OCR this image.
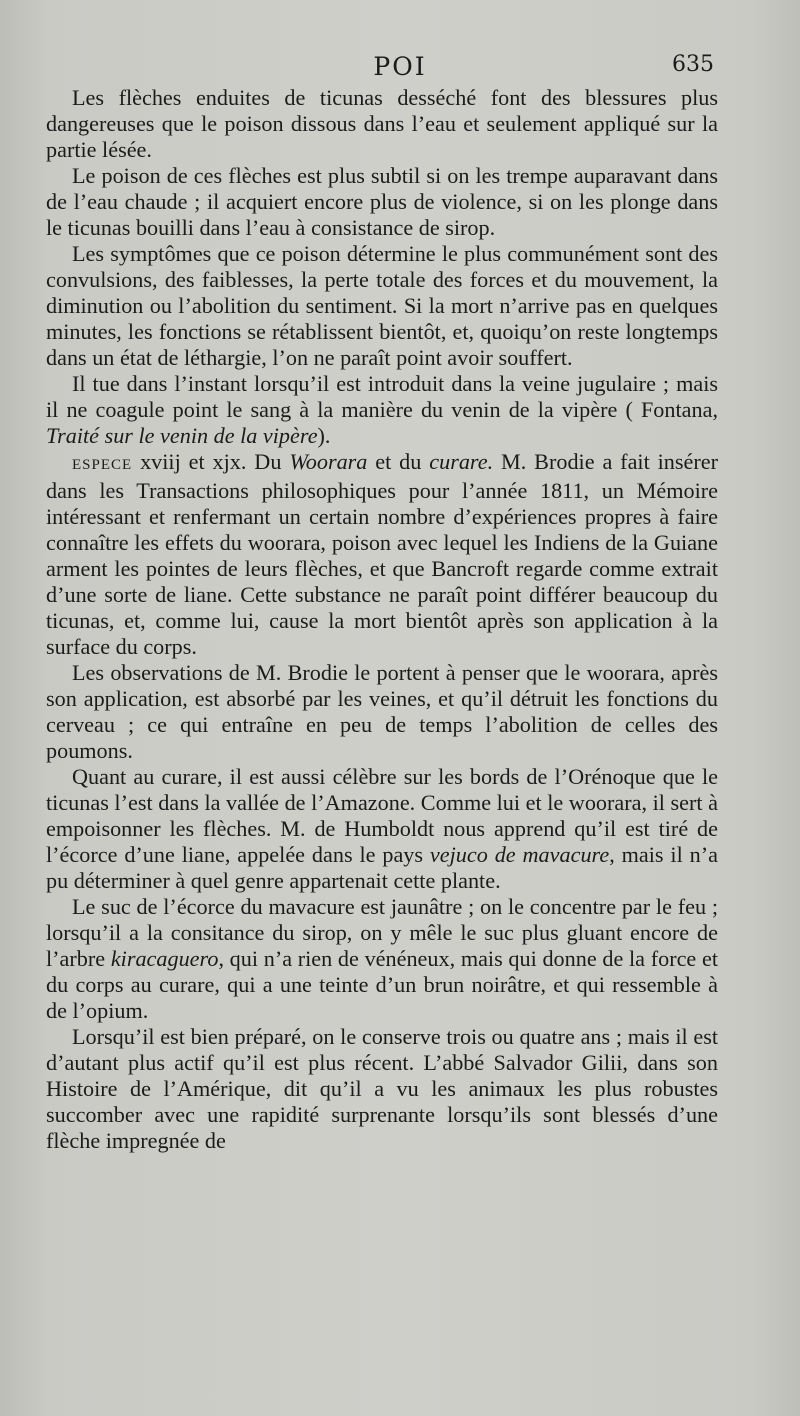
POI	635

Les flèches enduites de ticunas desséché font des blessures plus dangereuses que le poison dissous dans l’eau et seulement appliqué sur la partie lésée.

Le poison de ces flèches est plus subtil si on les trempe auparavant dans de l’eau chaude ; il acquiert encore plus de violence, si on les plonge dans le ticunas bouilli dans l’eau à consistance de sirop.

Les symptômes que ce poison détermine le plus communément sont des convulsions, des faiblesses, la perte totale des forces et du mouvement, la diminution ou l’abolition du sentiment. Si la mort n’arrive pas en quelques minutes, les fonctions se rétablissent bientôt, et, quoiqu’on reste longtemps dans un état de léthargie, l’on ne paraît point avoir souffert.

Il tue dans l’instant lorsqu’il est introduit dans la veine jugulaire ; mais il ne coagule point le sang à la manière du venin de la vipère ( Fontana, Traité sur le venin de la vipère).

ESPECE xviij et xjx. Du Woorara et du curare. M. Brodie a fait insérer dans les Transactions philosophiques pour l’année 1811, un Mémoire intéressant et renfermant un certain nombre d’expériences propres à faire connaître les effets du woorara, poison avec lequel les Indiens de la Guiane arment les pointes de leurs flèches, et que Bancroft regarde comme extrait d’une sorte de liane. Cette substance ne paraît point différer beaucoup du ticunas, et, comme lui, cause la mort bientôt après son application à la surface du corps.

Les observations de M. Brodie le portent à penser que le woorara, après son application, est absorbé par les veines, et qu’il détruit les fonctions du cerveau ; ce qui entraîne en peu de temps l’abolition de celles des poumons.

Quant au curare, il est aussi célèbre sur les bords de l’Orénoque que le ticunas l’est dans la vallée de l’Amazone. Comme lui et le woorara, il sert à empoisonner les flèches. M. de Humboldt nous apprend qu’il est tiré de l’écorce d’une liane, appelée dans le pays vejuco de mavacure, mais il n’a pu déterminer à quel genre appartenait cette plante.

Le suc de l’écorce du mavacure est jaunâtre ; on le concentre par le feu ; lorsqu’il a la consitance du sirop, on y mêle le suc plus gluant encore de l’arbre kiracaguero, qui n’a rien de vénéneux, mais qui donne de la force et du corps au curare, qui a une teinte d’un brun noirâtre, et qui ressemble à de l’opium.

Lorsqu’il est bien préparé, on le conserve trois ou quatre ans ; mais il est d’autant plus actif qu’il est plus récent. L’abbé Salvador Gilii, dans son Histoire de l’Amérique, dit qu’il a vu les animaux les plus robustes succomber avec une rapidité surprenante lorsqu’ils sont blessés d’une flèche impregnée de
